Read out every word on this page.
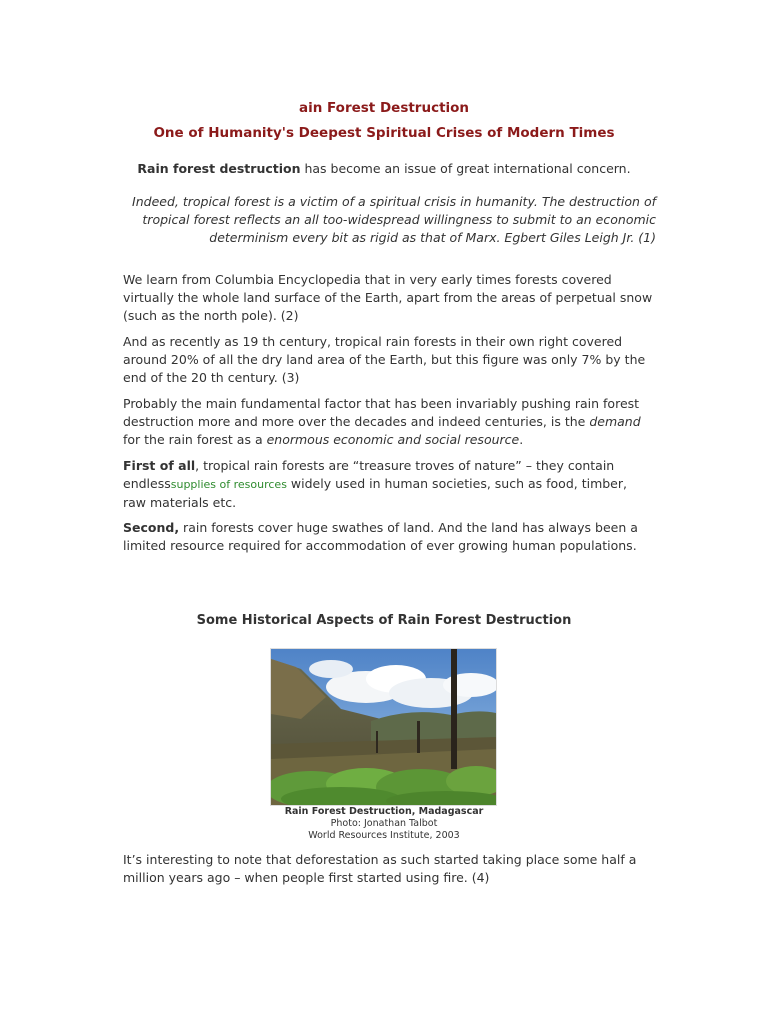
ain Forest Destruction
One of Humanity's Deepest Spiritual Crises of Modern Times
Rain forest destruction has become an issue of great international concern.
Indeed, tropical forest is a victim of a spiritual crisis in humanity. The destruction of tropical forest reflects an all too-widespread willingness to submit to an economic determinism every bit as rigid as that of Marx. Egbert Giles Leigh Jr. (1)
We learn from Columbia Encyclopedia that in very early times forests covered virtually the whole land surface of the Earth, apart from the areas of perpetual snow (such as the north pole). (2)
And as recently as 19 th century, tropical rain forests in their own right covered around 20% of all the dry land area of the Earth, but this figure was only 7% by the end of the 20 th century. (3)
Probably the main fundamental factor that has been invariably pushing rain forest destruction more and more over the decades and indeed centuries, is the demand for the rain forest as a enormous economic and social resource.
First of all, tropical rain forests are “treasure troves of nature” – they contain endlesssupplies of resources widely used in human societies, such as food, timber, raw materials etc.
Second, rain forests cover huge swathes of land. And the land has always been a limited resource required for accommodation of ever growing human populations.
Some Historical Aspects of Rain Forest Destruction
Rain Forest Destruction, Madagascar
Photo: Jonathan Talbot
World Resources Institute, 2003
It’s interesting to note that deforestation as such started taking place some half a million years ago – when people first started using fire. (4)
